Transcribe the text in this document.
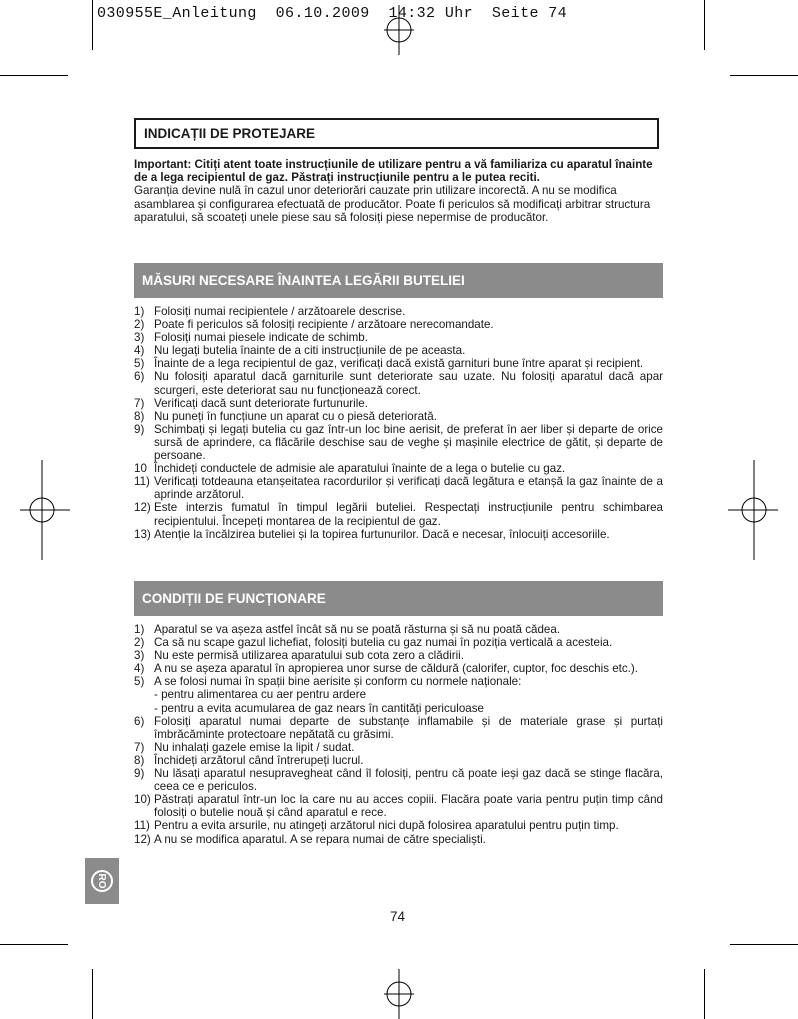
030955E_Anleitung  06.10.2009  14:32 Uhr  Seite 74
INDICAȚII DE PROTEJARE
Important: Citiți atent toate instrucțiunile de utilizare pentru a vă familiariza cu aparatul înainte de a lega recipientul de gaz. Păstrați instrucțiunile pentru a le putea reciti.
Garanția devine nulă în cazul unor deteriorări cauzate prin utilizare incorectă. A nu se modifica asamblarea și configurarea efectuată de producător. Poate fi periculos să modificați arbitrar structura aparatului, să scoateți unele piese sau să folosiți piese nepermise de producător.
MĂSURI NECESARE ÎNAINTEA LEGĂRII BUTELIEI
1) Folosiți numai recipientele / arzătoarele descrise.
2) Poate fi periculos să folosiți recipiente / arzătoare nerecomandate.
3) Folosiți numai piesele indicate de schimb.
4) Nu legați butelia înainte de a citi instrucțiunile de pe aceasta.
5) Înainte de a lega recipientul de gaz, verificați dacă există garnituri bune între aparat și recipient.
6) Nu folosiți aparatul dacă garniturile sunt deteriorate sau uzate. Nu folosiți aparatul dacă apar scurgeri, este deteriorat sau nu funcționează corect.
7) Verificați dacă sunt deteriorate furtunurile.
8) Nu puneți în funcțiune un aparat cu o piesă deteriorată.
9) Schimbați și legați butelia cu gaz într-un loc bine aerisit, de preferat în aer liber și departe de orice sursă de aprindere, ca flăcările deschise sau de veghe și mașinile electrice de gătit, și departe de persoane.
10 Închideți conductele de admisie ale aparatului înainte de a lega o butelie cu gaz.
11) Verificați totdeauna etanșeitatea racordurilor și verificați dacă legătura e etanșă la gaz înainte de a aprinde arzătorul.
12) Este interzis fumatul în timpul legării buteliei. Respectați instrucțiunile pentru schimbarea recipientului. Începeți montarea de la recipientul de gaz.
13) Atenție la încălzirea buteliei și la topirea furtunurilor. Dacă e necesar, înlocuiți accesoriile.
CONDIȚII DE FUNCȚIONARE
1) Aparatul se va așeza astfel încât să nu se poată răsturna și să nu poată cădea.
2) Ca să nu scape gazul lichefiat, folosiți butelia cu gaz numai în poziția verticală a acesteia.
3) Nu este permisă utilizarea aparatului sub cota zero a clădirii.
4) A nu se așeza aparatul în apropierea unor surse de căldură (calorifer, cuptor, foc deschis etc.).
5) A se folosi numai în spații bine aerisite și conform cu normele naționale:
- pentru alimentarea cu aer pentru ardere
- pentru a evita acumularea de gaz nears în cantități periculoase
6) Folosiți aparatul numai departe de substanțe inflamabile și de materiale grase și purtați îmbrăcăminte protectoare nepătată cu grăsimi.
7) Nu inhalați gazele emise la lipit / sudat.
8) Închideți arzătorul când întrerupeți lucrul.
9) Nu lăsați aparatul nesupravegheat când îl folosiți, pentru că poate ieși gaz dacă se stinge flacăra, ceea ce e periculos.
10) Păstrați aparatul într-un loc la care nu au acces copiii. Flacăra poate varia pentru puțin timp când folosiți o butelie nouă și când aparatul e rece.
11) Pentru a evita arsurile, nu atingeți arzătorul nici după folosirea aparatului pentru puțin timp.
12) A nu se modifica aparatul. A se repara numai de către specialiști.
RO
74
